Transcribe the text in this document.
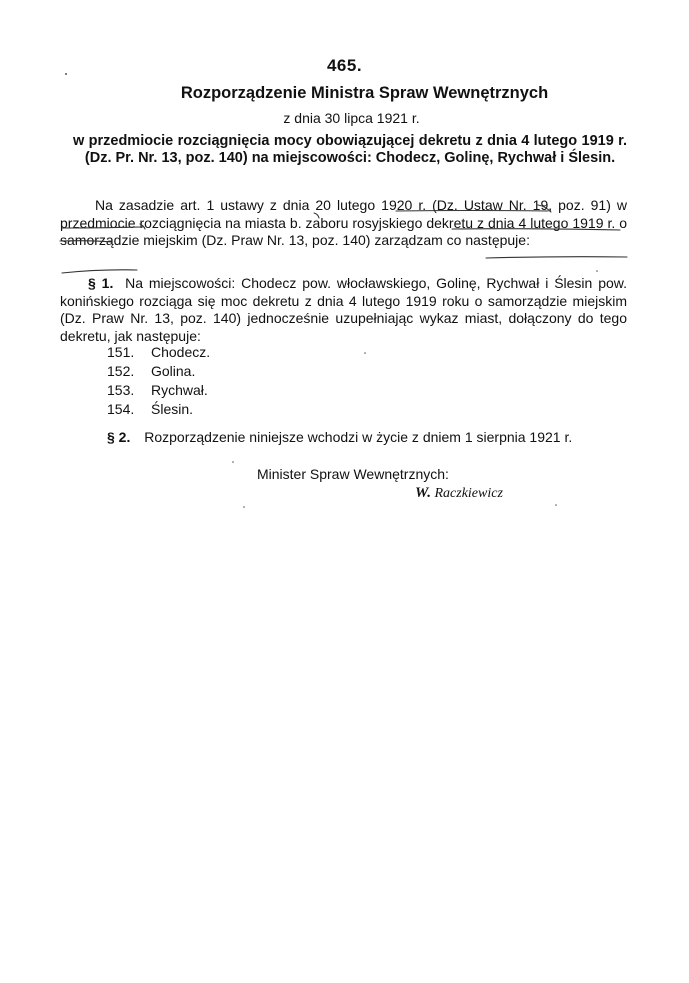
465.
Rozporządzenie Ministra Spraw Wewnętrznych
z dnia 30 lipca 1921 r.
w przedmiocie rozciągnięcia mocy obowiązującej dekretu z dnia 4 lutego 1919 r. (Dz. Pr. Nr. 13, poz. 140) na miejscowości: Chodecz, Golinę, Rychwał i Ślesin.
Na zasadzie art. 1 ustawy z dnia 20 lutego 1920 r. (Dz. Ustaw Nr. 19, poz. 91) w przedmiocie rozciągnięcia na miasta b. zaboru rosyjskiego dekretu z dnia 4 lutego 1919 r. o samorządzie miejskim (Dz. Praw Nr. 13, poz. 140) zarządzam co następuje:
§ 1. Na miejscowości: Chodecz pow. włocławskiego, Golinę, Rychwał i Ślesin pow. konińskiego rozciąga się moc dekretu z dnia 4 lutego 1919 roku o samorządzie miejskim (Dz. Praw Nr. 13, poz. 140) jednocześnie uzupełniając wykaz miast, dołączony do tego dekretu, jak następuje:
151.	Chodecz.
152.	Golina.
153.	Rychwał.
154.	Ślesin.
§ 2. Rozporządzenie niniejsze wchodzi w życie z dniem 1 sierpnia 1921 r.
Minister Spraw Wewnętrznych:
W. Raczkiewicz
